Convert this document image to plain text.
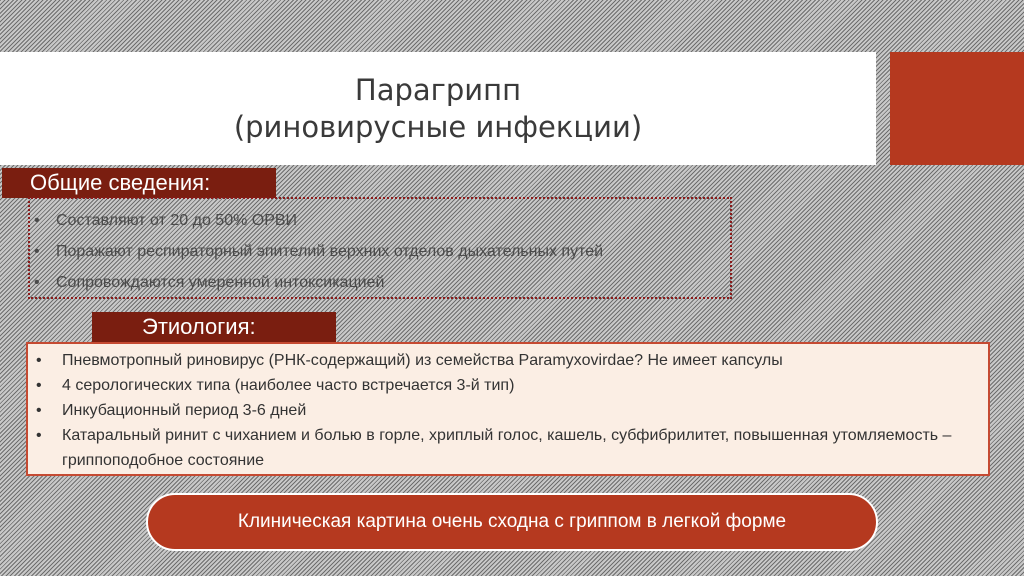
Парагрипп
(риновирусные инфекции)
Общие сведения:
• Составляют от 20 до 50% ОРВИ
• Поражают респираторный эпителий верхних отделов дыхательных путей
• Сопровождаются умеренной интоксикацией
Этиология:
• Пневмотропный риновирус (РНК-содержащий) из семейства Paramyxovirdae? Не имеет капсулы
• 4 серологических типа (наиболее часто встречается 3-й тип)
• Инкубационный период 3-6 дней
• Катаральный ринит с чиханием и болью в горле, хриплый голос, кашель, субфибрилитет, повышенная утомляемость – гриппоподобное состояние
Клиническая картина очень сходна с гриппом в легкой форме
